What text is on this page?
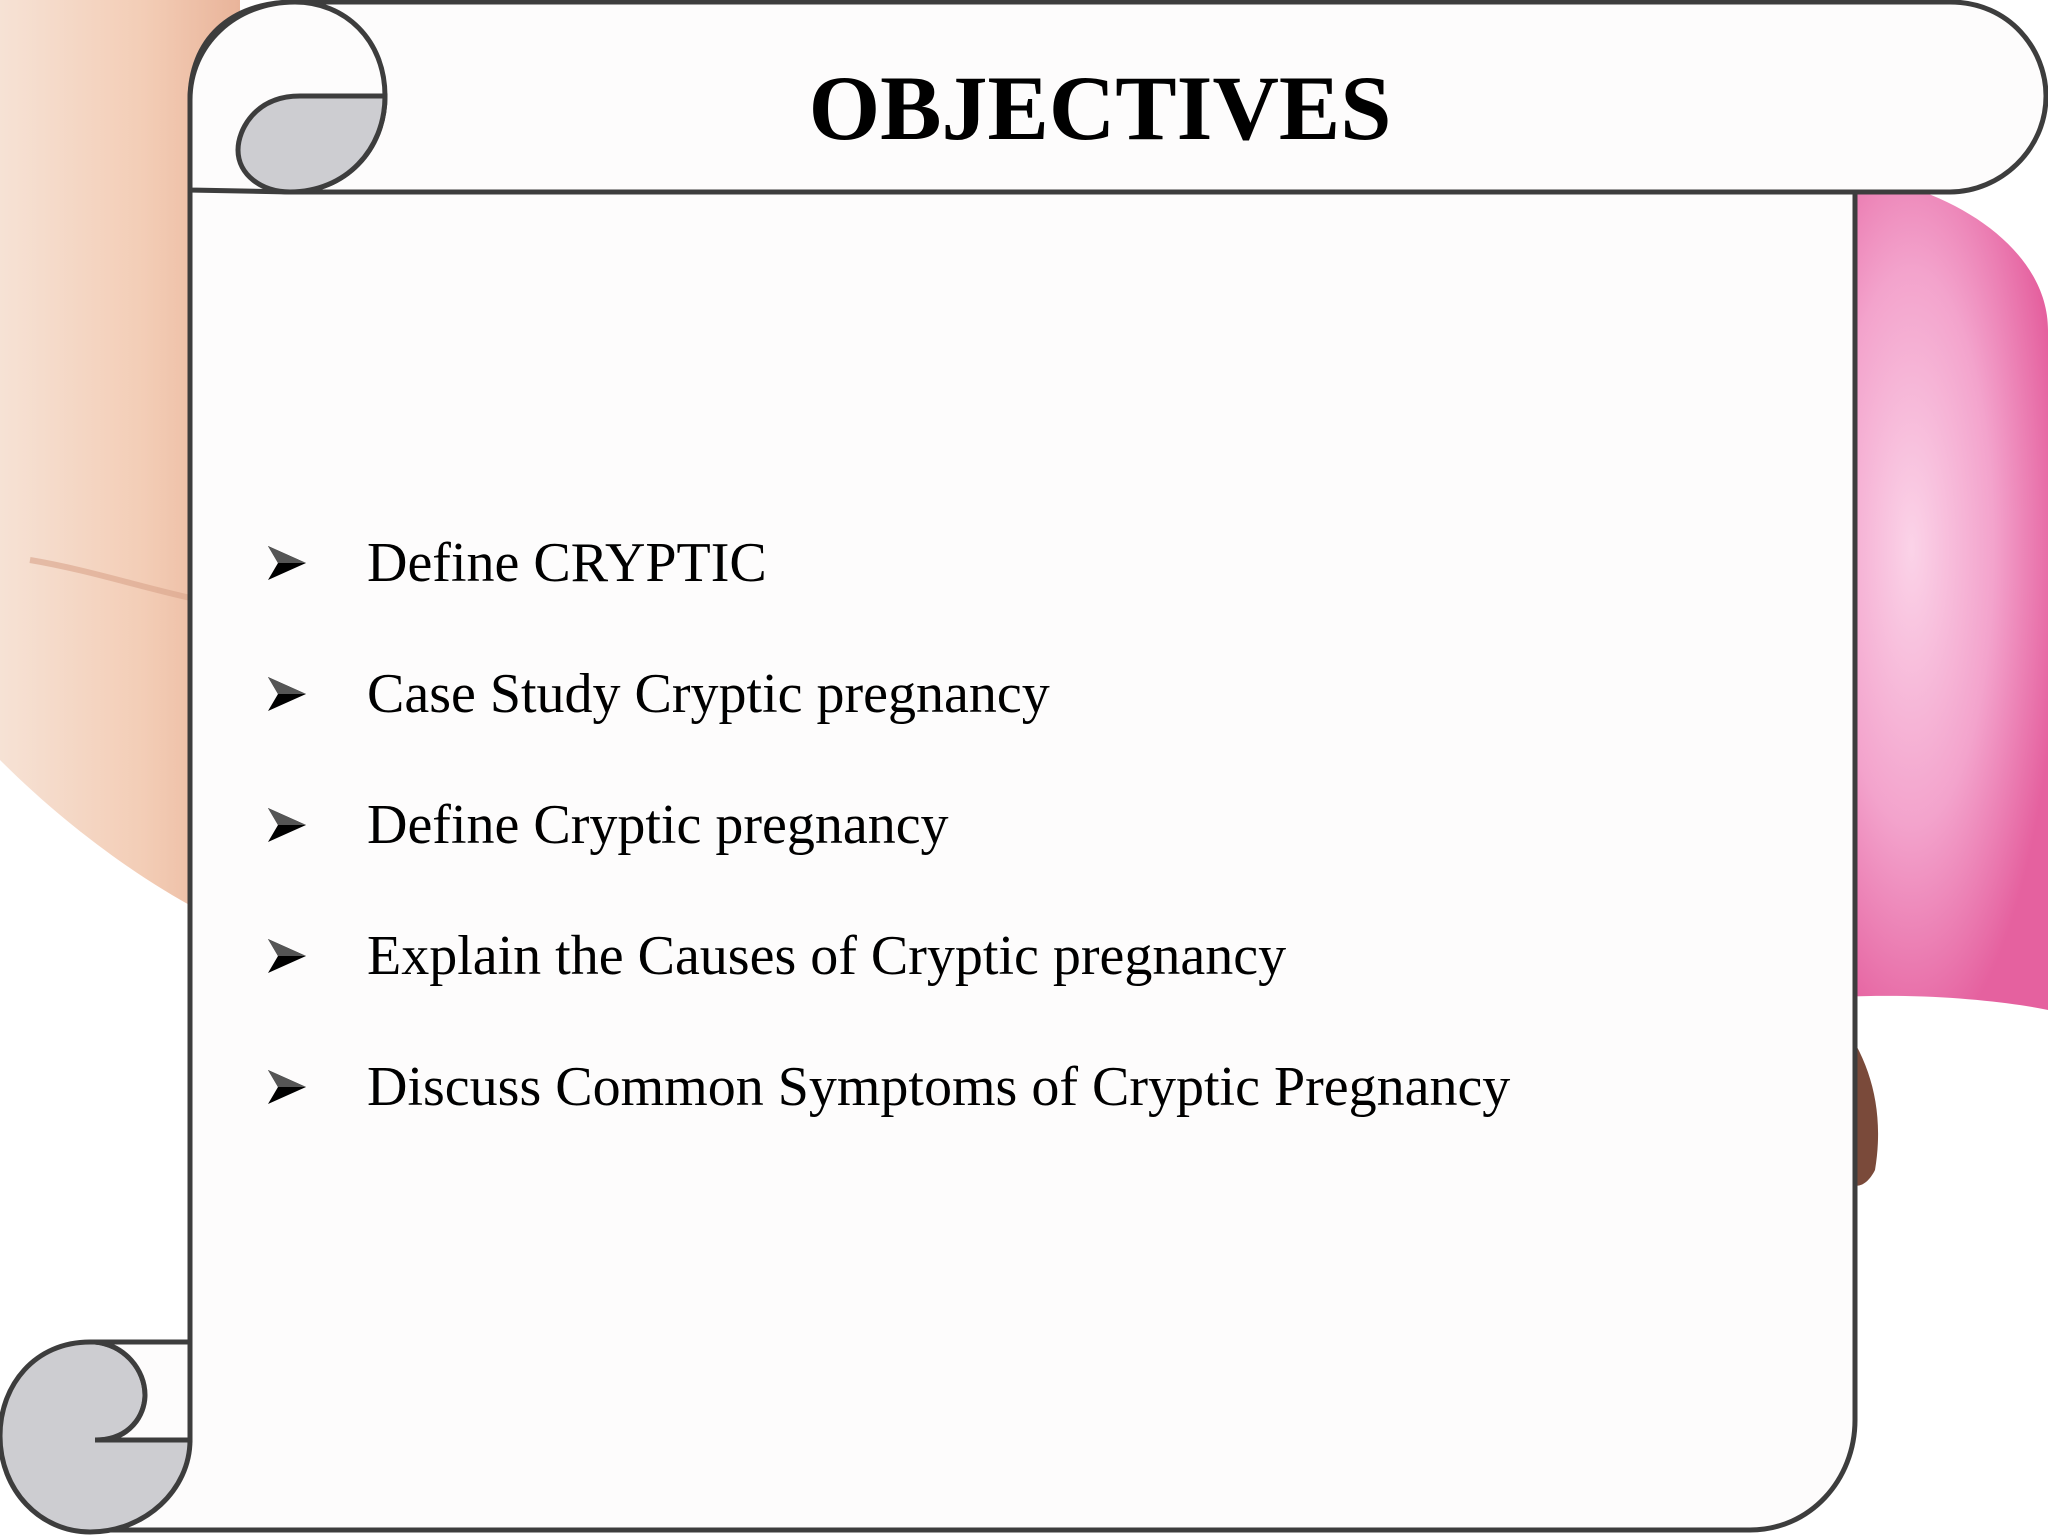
OBJECTIVES
Define CRYPTIC
Case Study Cryptic pregnancy
Define Cryptic pregnancy
Explain the Causes of Cryptic pregnancy
Discuss Common Symptoms of Cryptic Pregnancy
